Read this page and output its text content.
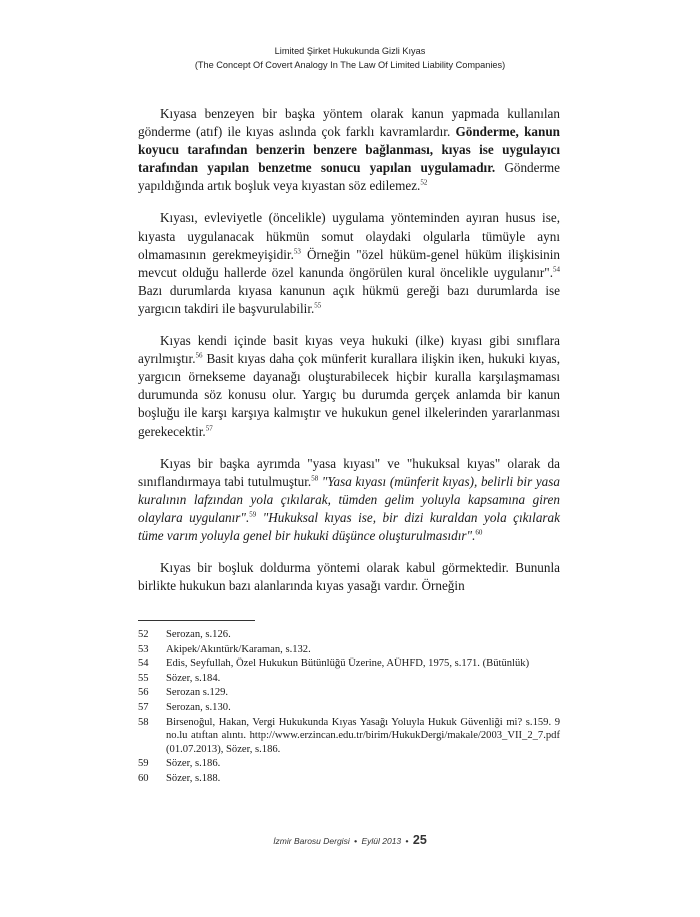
Limited Şirket Hukukunda Gizli Kıyas
(The Concept Of Covert Analogy In The Law Of Limited Liability Companies)

Kıyasa benzeyen bir başka yöntem olarak kanun yapmada kullanılan gönderme (atıf) ile kıyas aslında çok farklı kavramlardır. Gönderme, kanun koyucu tarafından benzerin benzere bağlanması, kıyas ise uygulayıcı tarafından yapılan benzetme sonucu yapılan uygulamadır. Gönderme yapıldığında artık boşluk veya kıyastan söz edilemez.$^{52}$

Kıyası, evleviyetle (öncelikle) uygulama yönteminden ayıran husus ise, kıyasta uygulanacak hükmün somut olaydaki olgularla tümüyle aynı olmamasının gerekmeyişidir.$^{53}$ Örneğin "özel hüküm-genel hüküm ilişkisinin mevcut olduğu hallerde özel kanunda öngörülen kural öncelikle uygulanır".$^{54}$ Bazı durumlarda kıyasa kanunun açık hükmü gereği bazı durumlarda ise yargıcın takdiri ile başvurulabilir.$^{55}$

Kıyas kendi içinde basit kıyas veya hukuki (ilke) kıyası gibi sınıflara ayrılmıştır.$^{56}$ Basit kıyas daha çok münferit kurallara ilişkin iken, hukuki kıyas, yargıcın örnekseme dayanağı oluşturabilecek hiçbir kuralla karşılaşmaması durumunda söz konusu olur. Yargıç bu durumda gerçek anlamda bir kanun boşluğu ile karşı karşıya kalmıştır ve hukukun genel ilkelerinden yararlanması gerekecektir.$^{57}$

Kıyas bir başka ayrımda "yasa kıyası" ve "hukuksal kıyas" olarak da sınıflandırmaya tabi tutulmuştur.$^{58}$ "Yasa kıyası (münferit kıyas), belirli bir yasa kuralının lafzından yola çıkılarak, tümden gelim yoluyla kapsamına giren olaylara uygulanır".$^{59}$ "Hukuksal kıyas ise, bir dizi kuraldan yola çıkılarak tüme varım yoluyla genel bir hukuki düşünce oluşturulmasıdır".$^{60}$

Kıyas bir boşluk doldurma yöntemi olarak kabul görmektedir. Bununla birlikte hukukun bazı alanlarında kıyas yasağı vardır. Örneğin

52	Serozan, s.126.
53	Akipek/Akıntürk/Karaman, s.132.
54	Edis, Seyfullah, Özel Hukukun Bütünlüğü Üzerine, AÜHFD, 1975, s.171. (Bütünlük)
55	Sözer, s.184.
56	Serozan s.129.
57	Serozan, s.130.
58	Birsenoğul, Hakan, Vergi Hukukunda Kıyas Yasağı Yoluyla Hukuk Güvenliği mi? s.159. 9 no.lu atıftan alıntı. http://www.erzincan.edu.tr/birim/HukukDergi/makale/2003_VII_2_7.pdf (01.07.2013), Sözer, s.186.
59	Sözer, s.186.
60	Sözer, s.188.
İzmir Barosu Dergisi • Eylül 2013 • 25
